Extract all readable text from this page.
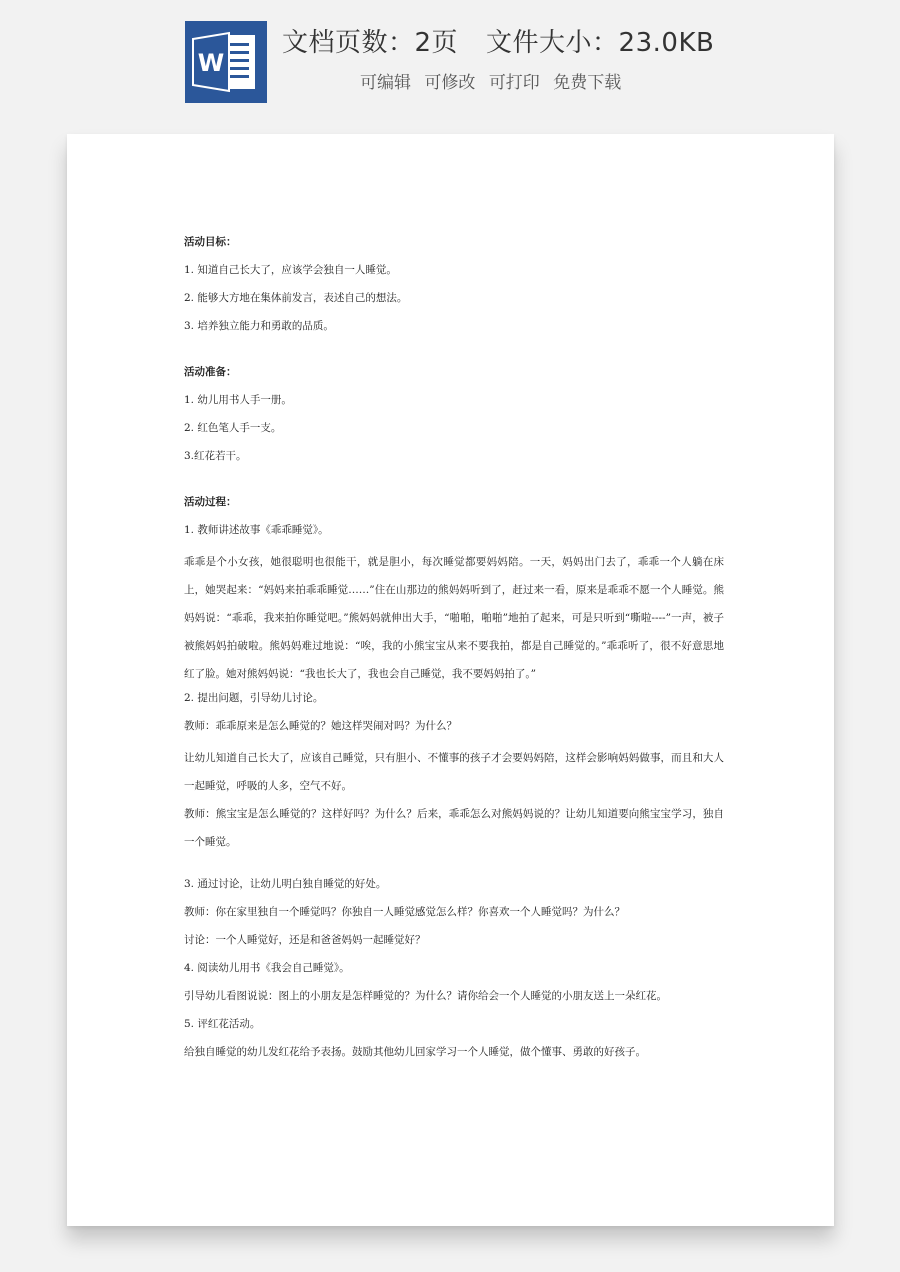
W
文档页数：2页 文件大小：23.0KB
可编辑 可修改 可打印 免费下载
活动目标：
1. 知道自己长大了，应该学会独自一人睡觉。
2. 能够大方地在集体前发言，表述自己的想法。
3. 培养独立能力和勇敢的品质。
活动准备：
1. 幼儿用书人手一册。
2. 红色笔人手一支。
3.红花若干。
活动过程：
1. 教师讲述故事《乖乖睡觉》。
乖乖是个小女孩，她很聪明也很能干，就是胆小，每次睡觉都要妈妈陪。一天，妈妈出门去了，乖乖一个人躺在床上，她哭起来：“妈妈来拍乖乖睡觉……”住在山那边的熊妈妈听到了，赶过来一看，原来是乖乖不愿一个人睡觉。熊妈妈说：“乖乖，我来拍你睡觉吧。”熊妈妈就伸出大手，“啪啪，啪啪”地拍了起来，可是只听到“嘶啦----”一声，被子被熊妈妈拍破啦。熊妈妈难过地说：“唉，我的小熊宝宝从来不要我拍，都是自己睡觉的。”乖乖听了，很不好意思地红了脸。她对熊妈妈说：“我也长大了，我也会自己睡觉，我不要妈妈拍了。”
2. 提出问题，引导幼儿讨论。
教师：乖乖原来是怎么睡觉的？她这样哭闹对吗？为什么？
让幼儿知道自己长大了，应该自己睡觉，只有胆小、不懂事的孩子才会要妈妈陪，这样会影响妈妈做事，而且和大人一起睡觉，呼吸的人多，空气不好。
教师：熊宝宝是怎么睡觉的？这样好吗？为什么？后来，乖乖怎么对熊妈妈说的？让幼儿知道要向熊宝宝学习，独自一个睡觉。
3. 通过讨论，让幼儿明白独自睡觉的好处。
教师：你在家里独自一个睡觉吗？你独自一人睡觉感觉怎么样？你喜欢一个人睡觉吗？为什么？
讨论：一个人睡觉好，还是和爸爸妈妈一起睡觉好？
4. 阅读幼儿用书《我会自己睡觉》。
引导幼儿看图说说：图上的小朋友是怎样睡觉的？为什么？请你给会一个人睡觉的小朋友送上一朵红花。
5. 评红花活动。
给独自睡觉的幼儿发红花给予表扬。鼓励其他幼儿回家学习一个人睡觉，做个懂事、勇敢的好孩子。
